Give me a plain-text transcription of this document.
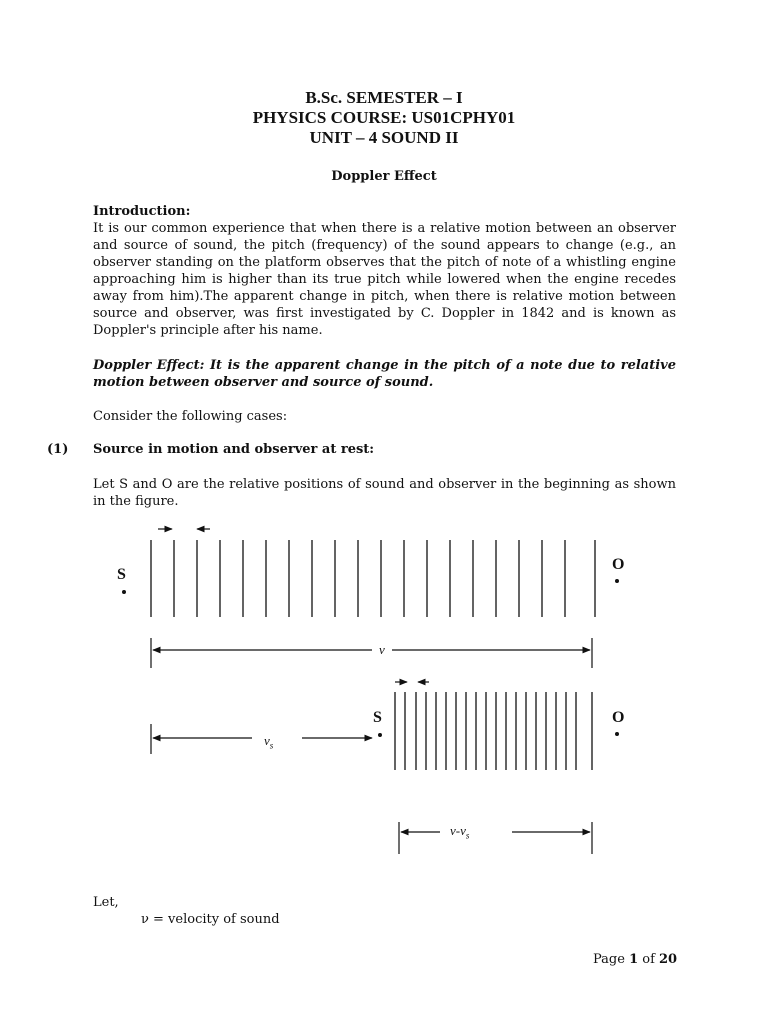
B.Sc. SEMESTER – I
PHYSICS COURSE: US01CPHY01
UNIT – 4 SOUND II
Doppler Effect
Introduction:
It is our common experience that when there is a relative motion between an observer and source of sound, the pitch (frequency) of the sound appears to change (e.g., an observer standing on the platform observes that the pitch of note of a whistling engine approaching him is higher than its true pitch while lowered when the engine recedes away from him).The apparent change in pitch, when there is relative motion between source and observer, was first investigated by C. Doppler in 1842 and is known as Doppler's principle after his name.
Doppler Effect: It is the apparent change in the pitch of a note due to relative motion between observer and source of sound.
Consider the following cases:
(1) Source in motion and observer at rest:
Let S and O are the relative positions of sound and observer in the beginning as shown in the figure.
S
O
v
S	O
$v_s$
$v-v_s$
Let,
ν = velocity of sound
Page 1 of 20
